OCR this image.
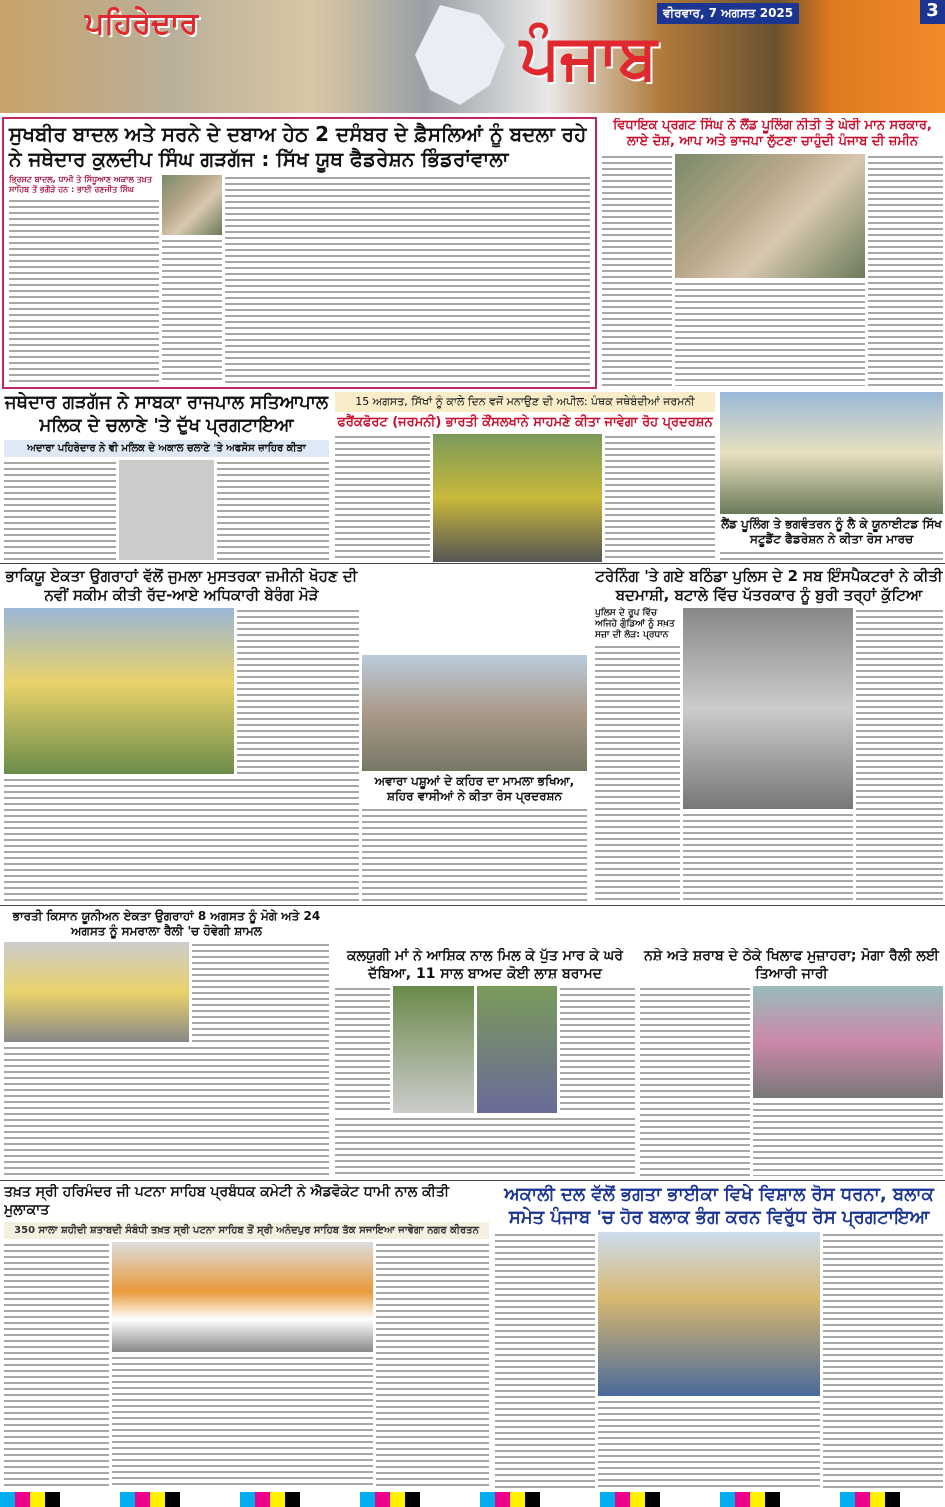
ਪਹਿਰੇਦਾਰ	ਪੰਜਾਬ
ਵੀਰਵਾਰ, 7 ਅਗਸਤ 2025	3
ਸੁਖਬੀਰ ਬਾਦਲ ਅਤੇ ਸਰਨੇ ਦੇ ਦਬਾਅ ਹੇਠ 2 ਦਸੰਬਰ ਦੇ ਫ਼ੈਸਲਿਆਂ ਨੂੰ ਬਦਲਾ ਰਹੇ ਨੇ ਜਥੇਦਾਰ ਕੁਲਦੀਪ ਸਿੰਘ ਗੜਗੱਜ : ਸਿੱਖ ਯੂਥ ਫੈਡਰੇਸ਼ਨ ਭਿੰਡਰਾਂਵਾਲਾ
ਭ੍ਰਿਸ਼ਟ ਬਾਦਲ, ਧਾਮੀ ਤੇ ਸਿੱਧੂਆਣ ਅਕਾਲ ਤਖ਼ਤ ਸਾਹਿਬ ਤੋਂ ਭਗੌੜੇ ਹਨ : ਭਾਈ ਰਣਜੀਤ ਸਿੰਘ
ਵਿਧਾਇਕ ਪ੍ਰਗਟ ਸਿੰਘ ਨੇ ਲੈਂਡ ਪੂਲਿੰਗ ਨੀਤੀ ਤੇ ਘੇਰੀ ਮਾਨ ਸਰਕਾਰ, ਲਾਏ ਦੋਸ਼, ਆਪ ਅਤੇ ਭਾਜਪਾ ਲੁੱਟਣਾ ਚਾਹੁੰਦੀ ਪੰਜਾਬ ਦੀ ਜ਼ਮੀਨ
ਜਥੇਦਾਰ ਗੜਗੱਜ ਨੇ ਸਾਬਕਾ ਰਾਜਪਾਲ ਸਤਿਆਪਾਲ ਮਲਿਕ ਦੇ ਚਲਾਣੇ 'ਤੇ ਦੁੱਖ ਪ੍ਰਗਟਾਇਆ
ਅਦਾਰਾ ਪਹਿਰੇਦਾਰ ਨੇ ਵੀ ਮਲਿਕ ਦੇ ਅਕਾਲ ਚਲਾਣੇ 'ਤੇ ਅਫਸੋਸ ਜ਼ਾਹਿਰ ਕੀਤਾ
15 ਅਗਸਤ, ਸਿੱਖਾਂ ਨੂੰ ਕਾਲੇ ਦਿਨ ਵਜੋਂ ਮਨਾਉਣ ਦੀ ਅਪੀਲ: ਪੰਥਕ ਜਥੇਬੰਦੀਆਂ ਜਰਮਨੀ
ਫਰੈਂਕਫੋਰਟ (ਜਰਮਨੀ) ਭਾਰਤੀ ਕੌਂਸਲਖਾਨੇ ਸਾਹਮਣੇ ਕੀਤਾ ਜਾਵੇਗਾ ਰੋਹ ਪ੍ਰਦਰਸ਼ਨ
ਲੈਂਡ ਪੂਲਿੰਗ ਤੇ ਭਗਵੰਤਰਨ ਨੂੰ ਲੈ ਕੇ ਯੂਨਾਈਟਡ ਸਿੱਖ ਸਟੂਡੈਂਟ ਫੈਡਰੇਸ਼ਨ ਨੇ ਕੀਤਾ ਰੋਸ ਮਾਰਚ
ਭਾਕਿਯੂ ਏਕਤਾ ਉਗਰਾਹਾਂ ਵੱਲੋਂ ਜੁਮਲਾ ਮੁਸਤਰਕਾ ਜ਼ਮੀਨੀ ਖੋਹਣ ਦੀ ਨਵੀਂ ਸਕੀਮ ਕੀਤੀ ਰੱਦ-ਆਏ ਅਧਿਕਾਰੀ ਬੇਰੰਗ ਮੋੜੇ
ਅਵਾਰਾ ਪਸ਼ੂਆਂ ਦੇ ਕਹਿਰ ਦਾ ਮਾਮਲਾ ਭਖਿਆ, ਸ਼ਹਿਰ ਵਾਸੀਆਂ ਨੇ ਕੀਤਾ ਰੋਸ ਪ੍ਰਦਰਸ਼ਨ
ਟਰੇਨਿੰਗ 'ਤੇ ਗਏ ਬਠਿੰਡਾ ਪੁਲਿਸ ਦੇ 2 ਸਬ ਇੰਸਪੈਕਟਰਾਂ ਨੇ ਕੀਤੀ ਬਦਮਾਸ਼ੀ, ਬਟਾਲੇ ਵਿੱਚ ਪੱਤਰਕਾਰ ਨੂੰ ਬੁਰੀ ਤਰ੍ਹਾਂ ਕੁੱਟਿਆ
ਪੁਲਿਸ ਦੇ ਰੂਪ ਵਿੱਚ ਅਜਿਹੇ ਗੁੰਡਿਆਂ ਨੂੰ ਸਖ਼ਤ ਸਜ਼ਾ ਦੀ ਲੋੜ: ਪ੍ਰਧਾਨ
ਭਾਰਤੀ ਕਿਸਾਨ ਯੂਨੀਅਨ ਏਕਤਾ ਉਗਰਾਹਾਂ 8 ਅਗਸਤ ਨੂੰ ਮੋਗੇ ਅਤੇ 24 ਅਗਸਤ ਨੂੰ ਸਮਰਾਲਾ ਰੈਲੀ 'ਚ ਹੋਵੇਗੀ ਸ਼ਾਮਲ
ਕਲਯੁਗੀ ਮਾਂ ਨੇ ਆਸ਼ਿਕ ਨਾਲ ਮਿਲ ਕੇ ਪੁੱਤ ਮਾਰ ਕੇ ਘਰੇ ਦੱਬਿਆ, 11 ਸਾਲ ਬਾਅਦ ਕੋਈ ਲਾਸ਼ ਬਰਾਮਦ
ਨਸ਼ੇ ਅਤੇ ਸ਼ਰਾਬ ਦੇ ਠੇਕੇ ਖਿਲਾਫ ਮੁਜ਼ਾਹਰਾ; ਮੋਗਾ ਰੈਲੀ ਲਈ ਤਿਆਰੀ ਜਾਰੀ
ਤਖ਼ਤ ਸ੍ਰੀ ਹਰਿਮੰਦਰ ਜੀ ਪਟਨਾ ਸਾਹਿਬ ਪ੍ਰਬੰਧਕ ਕਮੇਟੀ ਨੇ ਐਡਵੋਕੇਟ ਧਾਮੀ ਨਾਲ ਕੀਤੀ ਮੁਲਾਕਾਤ
350 ਸਾਲਾ ਸ਼ਹੀਦੀ ਸ਼ਤਾਬਦੀ ਸੰਬੰਧੀ ਤਖ਼ਤ ਸ੍ਰੀ ਪਟਨਾ ਸਾਹਿਬ ਤੋਂ ਸ੍ਰੀ ਅਨੰਦਪੁਰ ਸਾਹਿਬ ਤੱਕ ਸਜਾਇਆ ਜਾਵੇਗਾ ਨਗਰ ਕੀਰਤਨ
ਅਕਾਲੀ ਦਲ ਵੱਲੋਂ ਭਗਤਾ ਭਾਈਕਾ ਵਿਖੇ ਵਿਸ਼ਾਲ ਰੋਸ ਧਰਨਾ, ਬਲਾਕ ਸਮੇਤ ਪੰਜਾਬ 'ਚ ਹੋਰ ਬਲਾਕ ਭੰਗ ਕਰਨ ਵਿਰੁੱਧ ਰੋਸ ਪ੍ਰਗਟਾਇਆ
